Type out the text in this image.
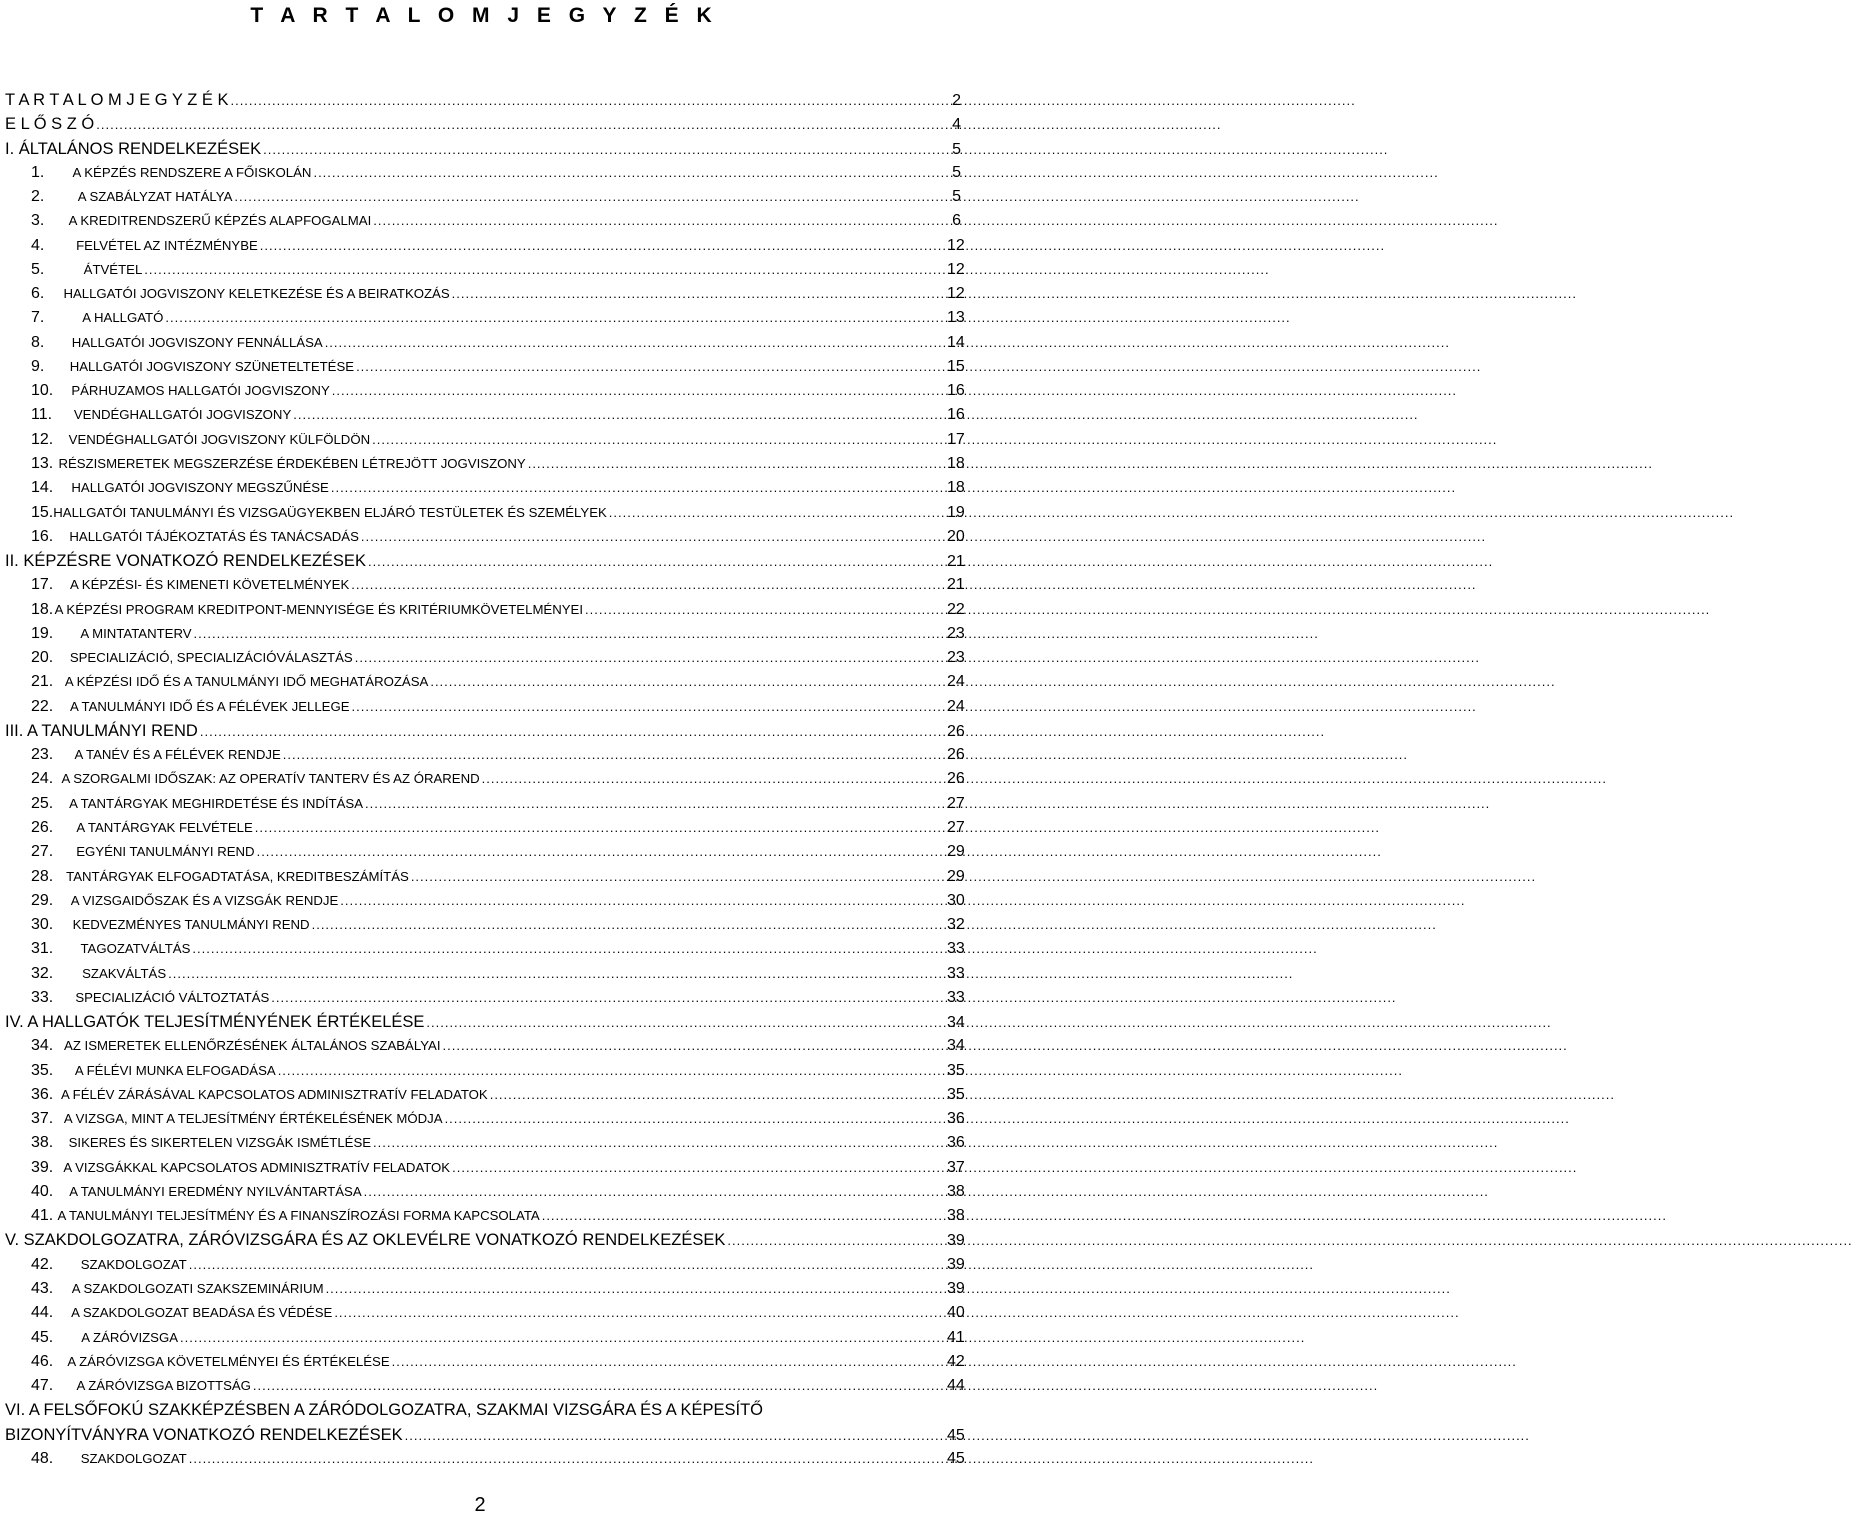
T A R T A L O M J E G Y Z É K
T A R T A L O M J E G Y Z É K .....	2
E L Ő S Z Ó .....	4
I. ÁLTALÁNOS RENDELKEZÉSEK .....	5
1.	A KÉPZÉS RENDSZERE A FŐISKOLÁN .....	5
2.	A SZABÁLYZAT HATÁLYA .....	5
3.	A KREDITRENDSZERŰ KÉPZÉS ALAPFOGALMAI .....	6
4.	FELVÉTEL AZ INTÉZMÉNYBE .....	12
5.	ÁTVÉTEL .....	12
6.	HALLGATÓI JOGVISZONY KELETKEZÉSE ÉS A BEIRATKOZÁS .....	12
7.	A HALLGATÓ .....	13
8.	HALLGATÓI JOGVISZONY FENNÁLLÁSA .....	14
9.	HALLGATÓI JOGVISZONY SZÜNETELTETÉSE .....	15
10.	PÁRHUZAMOS HALLGATÓI JOGVISZONY .....	16
11.	VENDÉGHALLGATÓI JOGVISZONY .....	16
12.	VENDÉGHALLGATÓI JOGVISZONY KÜLFÖLDÖN .....	17
13. RÉSZISMERETEK MEGSZERZÉSE ÉRDEKÉBEN LÉTREJÖTT JOGVISZONY .....	18
14.	HALLGATÓI JOGVISZONY MEGSZŰNÉSE .....	18
15. HALLGATÓI TANULMÁNYI ÉS VIZSGAÜGYEKBEN ELJÁRÓ TESTÜLETEK ÉS SZEMÉLYEK .....	19
16.	HALLGATÓI TÁJÉKOZTATÁS ÉS TANÁCSADÁS .....	20
II. KÉPZÉSRE VONATKOZÓ RENDELKEZÉSEK .....	21
17.	A KÉPZÉSI- ÉS KIMENETI KÖVETELMÉNYEK .....	21
18. A KÉPZÉSI PROGRAM KREDITPONT-MENNYISÉGE ÉS KRITÉRIUMKÖVETELMÉNYEI .....	22
19.	A MINTATANTERV .....	23
20.	SPECIALIZÁCIÓ, SPECIALIZÁCIÓVÁLASZTÁS .....	23
21. A KÉPZÉSI IDŐ ÉS A TANULMÁNYI IDŐ MEGHATÁROZÁSA .....	24
22.	A TANULMÁNYI IDŐ ÉS A FÉLÉVEK JELLEGE .....	24
III. A TANULMÁNYI REND .....	26
23.	A TANÉV ÉS A FÉLÉVEK RENDJE .....	26
24. A SZORGALMI IDŐSZAK: AZ OPERATÍV TANTERV ÉS AZ ÓRAREND .....	26
25.	A TANTÁRGYAK MEGHIRDETÉSE ÉS INDÍTÁSA .....	27
26.	A TANTÁRGYAK FELVÉTELE .....	27
27.	EGYÉNI TANULMÁNYI REND .....	29
28. TANTÁRGYAK ELFOGADTATÁSA, KREDITBESZÁMÍTÁS .....	29
29.	A VIZSGAIDŐSZAK ÉS A VIZSGÁK RENDJE .....	30
30.	KEDVEZMÉNYES TANULMÁNYI REND .....	32
31.	TAGOZATVÁLTÁS .....	33
32.	SZAKVÁLTÁS .....	33
33.	SPECIALIZÁCIÓ VÁLTOZTATÁS .....	33
IV. A HALLGATÓK TELJESÍTMÉNYÉNEK ÉRTÉKELÉSE .....	34
34. AZ ISMERETEK ELLENŐRZÉSÉNEK ÁLTALÁNOS SZABÁLYAI .....	34
35.	A FÉLÉVI MUNKA ELFOGADÁSA .....	35
36. A FÉLÉV ZÁRÁSÁVAL KAPCSOLATOS ADMINISZTRATÍV FELADATOK .....	35
37. A VIZSGA, MINT A TELJESÍTMÉNY ÉRTÉKELÉSÉNEK MÓDJA .....	36
38.	SIKERES ÉS SIKERTELEN VIZSGÁK ISMÉTLÉSE .....	36
39. A VIZSGÁKKAL KAPCSOLATOS ADMINISZTRATÍV FELADATOK .....	37
40.	A TANULMÁNYI EREDMÉNY NYILVÁNTARTÁSA .....	38
41. A TANULMÁNYI TELJESÍTMÉNY ÉS A FINANSZÍROZÁSI FORMA KAPCSOLATA .....	38
V. SZAKDOLGOZATRA, ZÁRÓVIZSGÁRA ÉS AZ OKLEVÉLRE VONATKOZÓ RENDELKEZÉSEK .....	39
42.	SZAKDOLGOZAT .....	39
43.	A SZAKDOLGOZATI SZAKSZEMINÁRIUM .....	39
44.	A SZAKDOLGOZAT BEADÁSA ÉS VÉDÉSE .....	40
45.	A ZÁRÓVIZSGA .....	41
46.	A ZÁRÓVIZSGA KÖVETELMÉNYEI ÉS ÉRTÉKELÉSE .....	42
47.	A ZÁRÓVIZSGA BIZOTTSÁG .....	44
VI. A FELSŐFOKÚ SZAKKÉPZÉSBEN A ZÁRÓDOLGOZATRA, SZAKMAI VIZSGÁRA ÉS A KÉPESÍTŐ
BIZONYÍTVÁNYRA VONATKOZÓ RENDELKEZÉSEK .....	45
48.	SZAKDOLGOZAT .....	45
2
